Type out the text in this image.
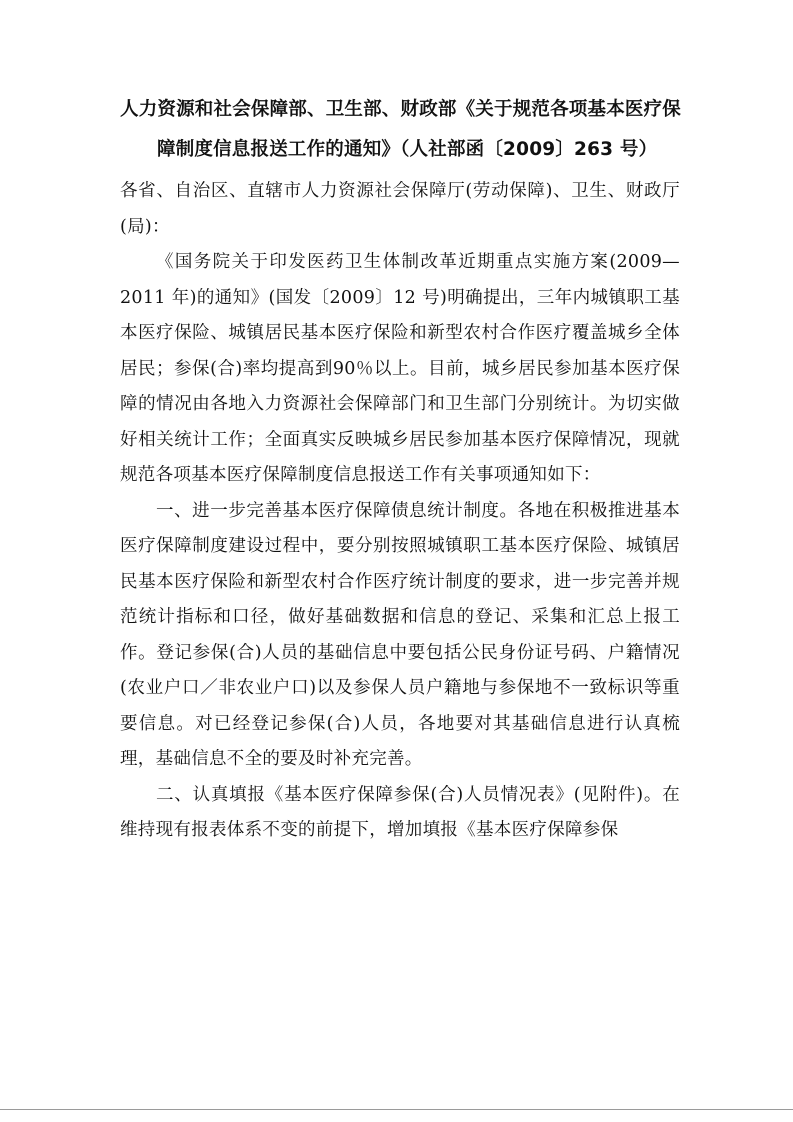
人力资源和社会保障部、卫生部、财政部《关于规范各项基本医疗保
障制度信息报送工作的通知》（人社部函〔2009〕263 号）

各省、自治区、直辖市人力资源社会保障厅(劳动保障)、卫生、财政厅(局)：

《国务院关于印发医药卫生体制改革近期重点实施方案(2009—2011 年)的通知》(国发〔2009〕12 号)明确提出，三年内城镇职工基本医疗保险、城镇居民基本医疗保险和新型农村合作医疗覆盖城乡全体居民；参保(合)率均提高到90％以上。目前，城乡居民参加基本医疗保障的情况由各地入力资源社会保障部门和卫生部门分别统计。为切实做好相关统计工作；全面真实反映城乡居民参加基本医疗保障情况，现就规范各项基本医疗保障制度信息报送工作有关事项通知如下：

一、进一步完善基本医疗保障债息统计制度。各地在积极推进基本医疗保障制度建设过程中，要分别按照城镇职工基本医疗保险、城镇居民基本医疗保险和新型农村合作医疗统计制度的要求，进一步完善并规范统计指标和口径，做好基础数据和信息的登记、采集和汇总上报工作。登记参保(合)人员的基础信息中要包括公民身份证号码、户籍情况(农业户口／非农业户口)以及参保人员户籍地与参保地不一致标识等重要信息。对已经登记参保(合)人员，各地要对其基础信息进行认真梳理，基础信息不全的要及时补充完善。

二、认真填报《基本医疗保障参保(合)人员情况表》(见附件)。在维持现有报表体系不变的前提下，增加填报《基本医疗保障参保
